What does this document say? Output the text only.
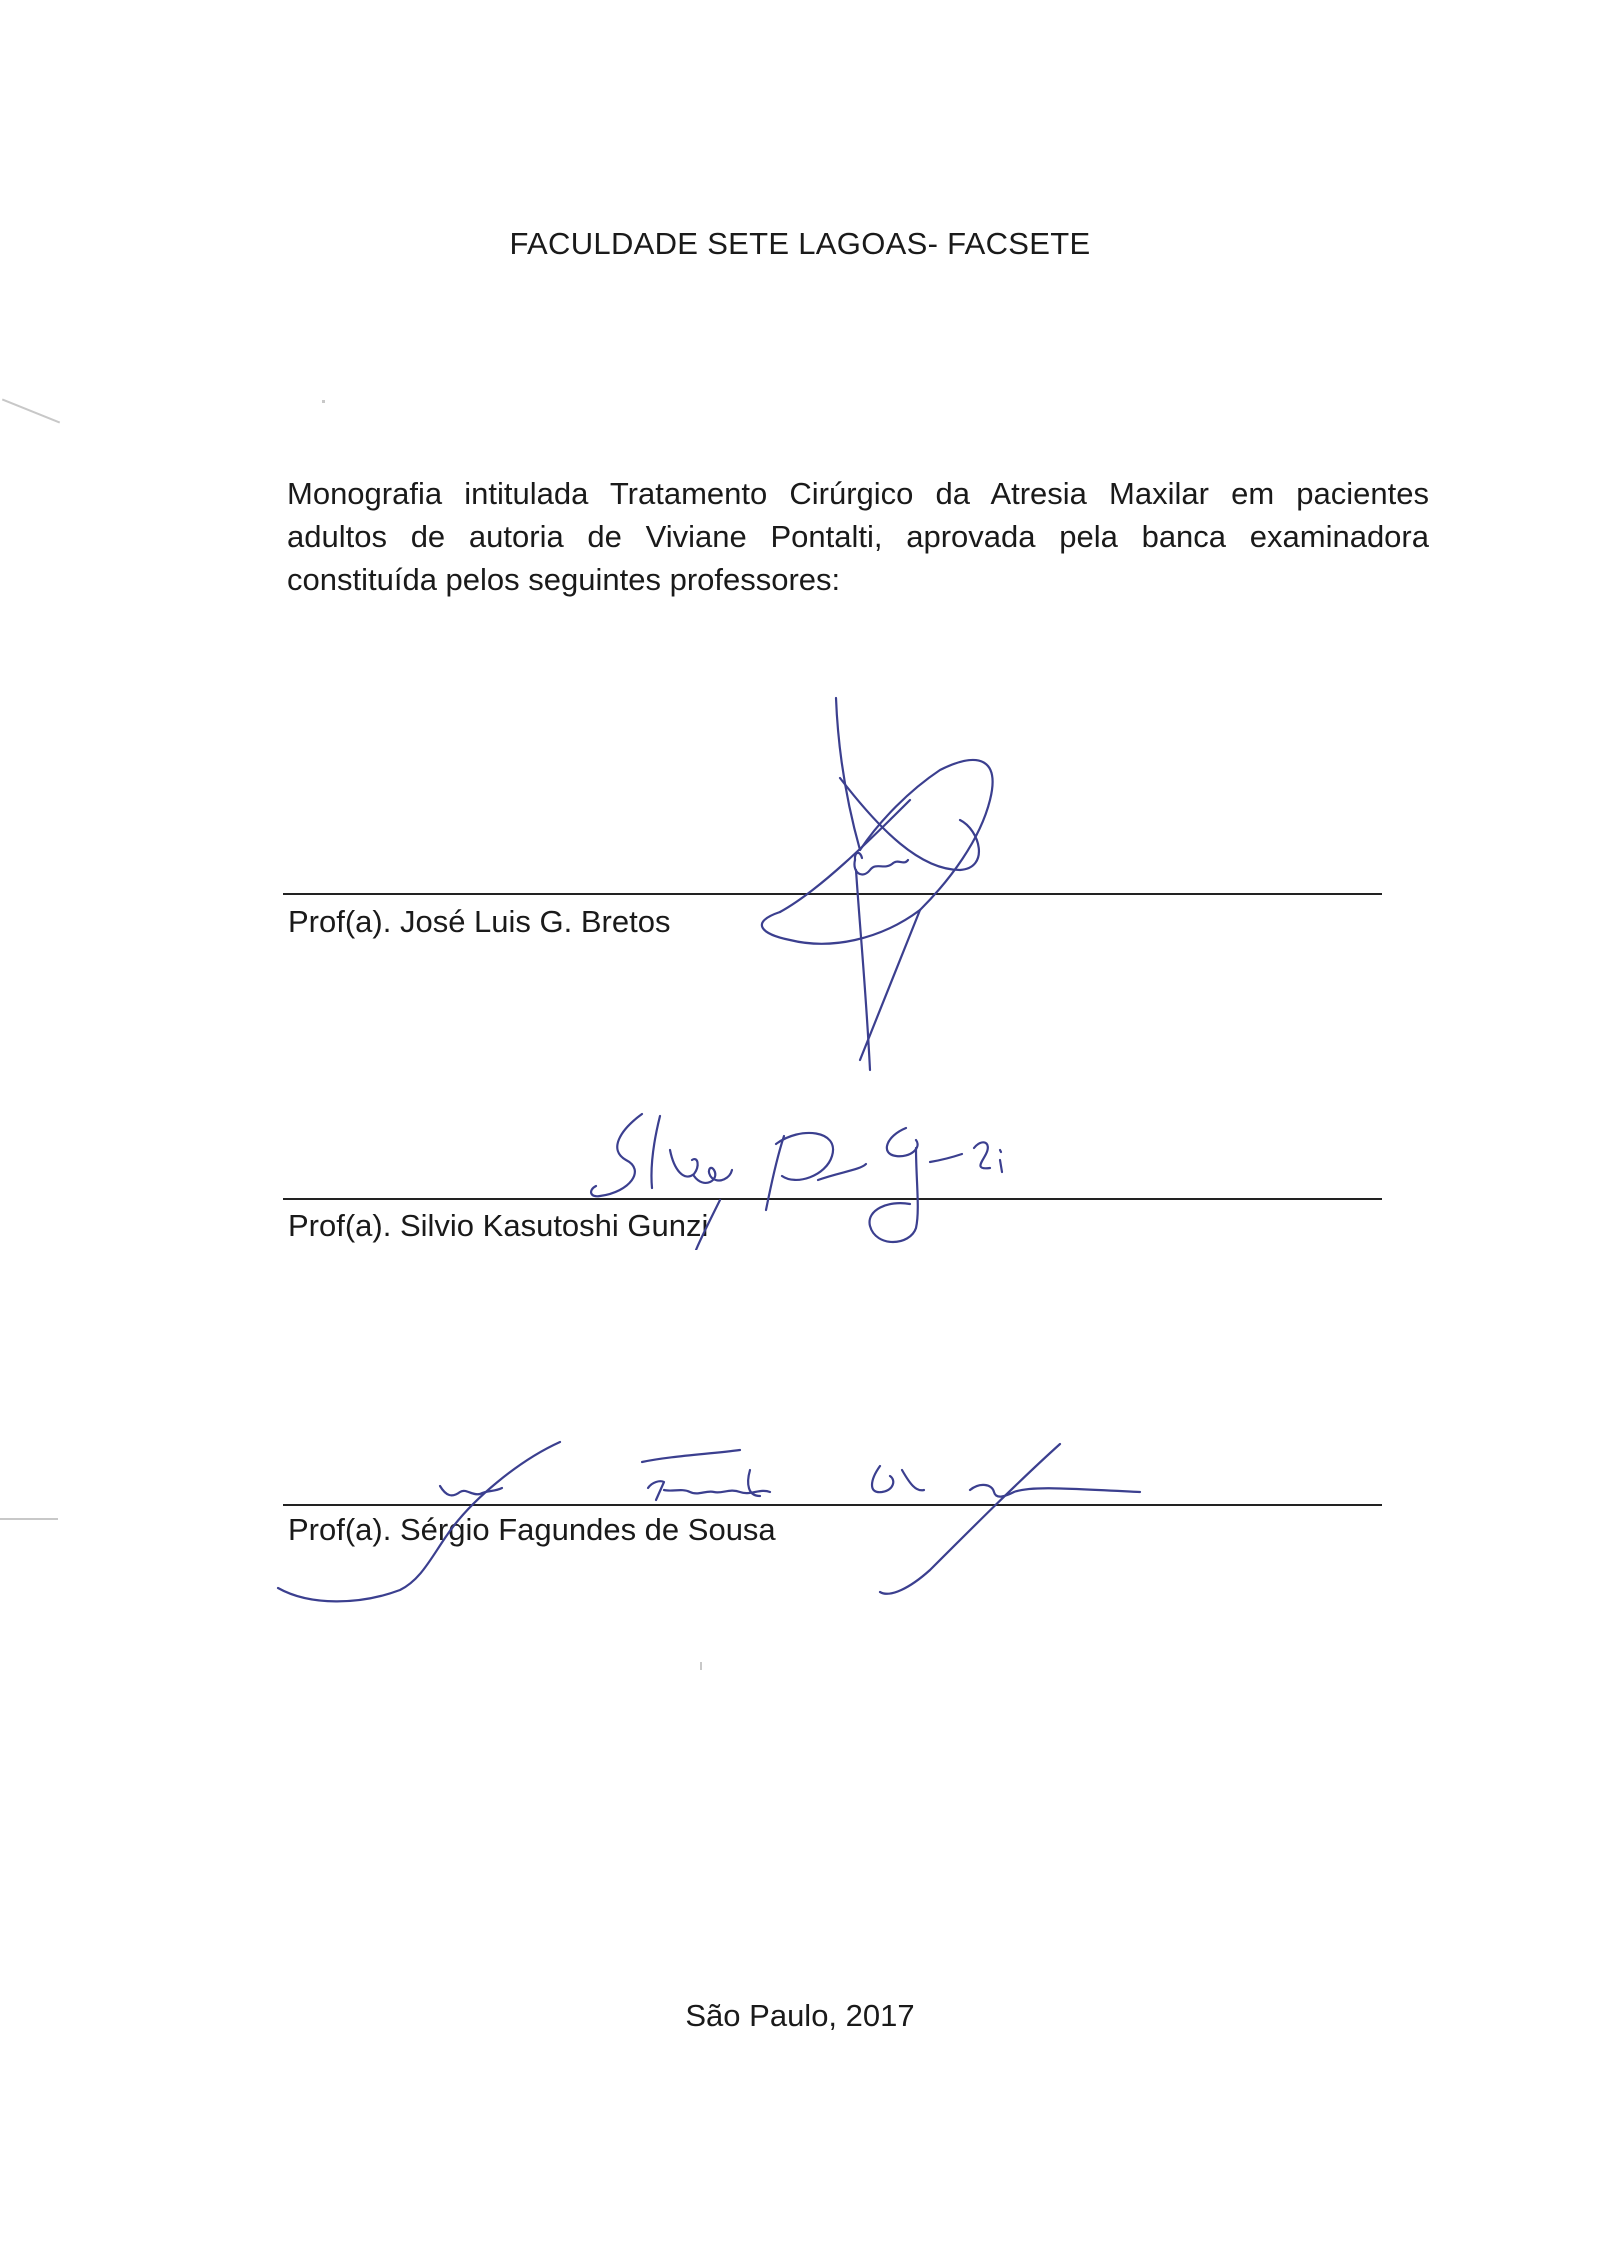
FACULDADE SETE LAGOAS- FACSETE

Monografia intitulada Tratamento Cirúrgico da Atresia Maxilar em pacientes adultos de autoria de Viviane Pontalti, aprovada pela banca examinadora constituída pelos seguintes professores:

Prof(a). José Luis G. Bretos

Prof(a). Silvio Kasutoshi Gunzi

Prof(a). Sérgio Fagundes de Sousa

São Paulo, 2017
